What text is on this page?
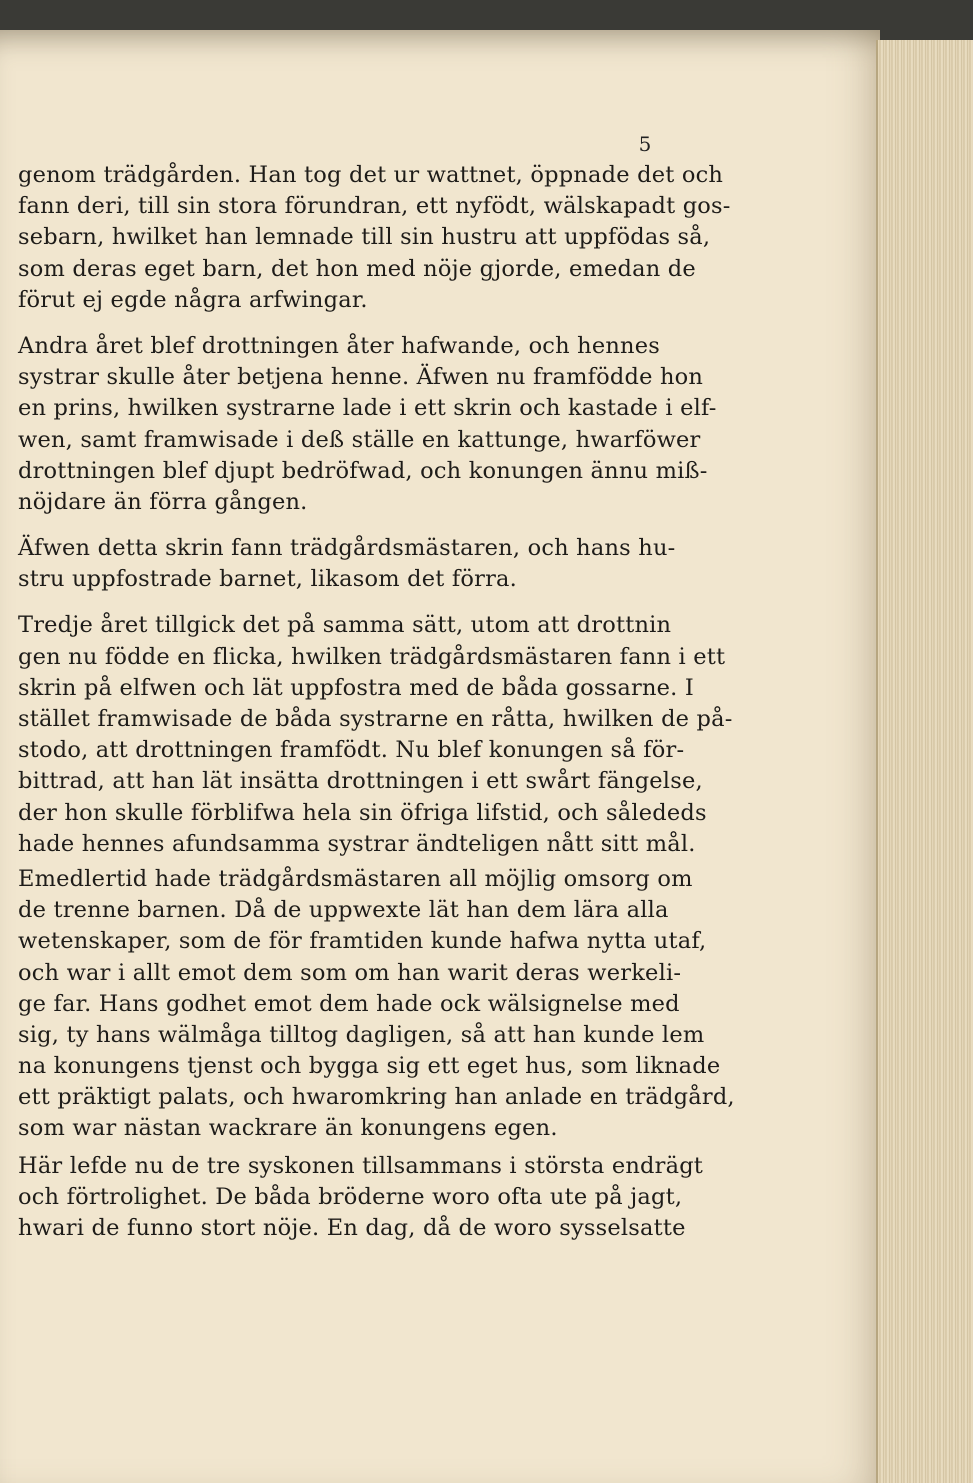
5
genom trädgården. Han tog det ur wattnet, öppnade det och
fann deri, till sin stora förundran, ett nyfödt, wälskapadt gos-
sebarn, hwilket han lemnade till sin hustru att uppfödas så,
som deras eget barn, det hon med nöje gjorde, emedan de
förut ej egde några arfwingar.
Andra året blef drottningen åter hafwande, och hennes
systrar skulle åter betjena henne. Äfwen nu framfödde hon
en prins, hwilken systrarne lade i ett skrin och kastade i elf-
wen, samt framwisade i deß ställe en kattunge, hwarföwer
drottningen blef djupt bedröfwad, och konungen ännu miß-
nöjdare än förra gången.
Äfwen detta skrin fann trädgårdsmästaren, och hans hu-
stru uppfostrade barnet, likasom det förra.
Tredje året tillgick det på samma sätt, utom att drottnin
gen nu födde en flicka, hwilken trädgårdsmästaren fann i ett
skrin på elfwen och lät uppfostra med de båda gossarne. I
stället framwisade de båda systrarne en råtta, hwilken de på-
stodo, att drottningen framfödt. Nu blef konungen så för-
bittrad, att han lät insätta drottningen i ett swårt fängelse,
der hon skulle förblifwa hela sin öfriga lifstid, och sålededs
hade hennes afundsamma systrar ändteligen nått sitt mål.
Emedlertid hade trädgårdsmästaren all möjlig omsorg om
de trenne barnen. Då de uppwexte lät han dem lära alla
wetenskaper, som de för framtiden kunde hafwa nytta utaf,
och war i allt emot dem som om han warit deras werkeli-
ge far. Hans godhet emot dem hade ock wälsignelse med
sig, ty hans wälmåga tilltog dagligen, så att han kunde lem
na konungens tjenst och bygga sig ett eget hus, som liknade
ett präktigt palats, och hwaromkring han anlade en trädgård,
som war nästan wackrare än konungens egen.
Här lefde nu de tre syskonen tillsammans i största endrägt
och förtrolighet. De båda bröderne woro ofta ute på jagt,
hwari de funno stort nöje. En dag, då de woro sysselsatte
